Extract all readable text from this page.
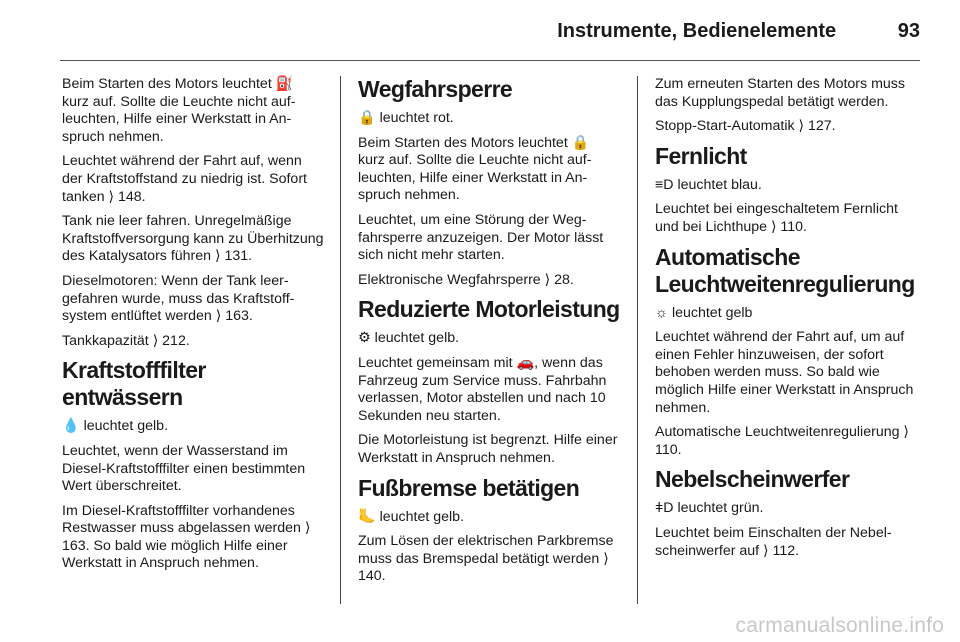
Instrumente, Bedienelemente	93

Beim Starten des Motors leuchtet ⛽ kurz auf. Sollte die Leuchte nicht aufleuchten, Hilfe einer Werkstatt in Anspruch nehmen.

Leuchtet während der Fahrt auf, wenn der Kraftstoffstand zu niedrig ist. Sofort tanken ⟩ 148.

Tank nie leer fahren. Unregelmäßige Kraftstoffversorgung kann zu Überhitzung des Katalysators führen ⟩ 131.

Dieselmotoren: Wenn der Tank leergefahren wurde, muss das Kraftstoffsystem entlüftet werden ⟩ 163.

Tankkapazität ⟩ 212.

Kraftstofffilter entwässern

💧 leuchtet gelb.

Leuchtet, wenn der Wasserstand im Diesel-Kraftstofffilter einen bestimmten Wert überschreitet.

Im Diesel-Kraftstofffilter vorhandenes Restwasser muss abgelassen werden ⟩ 163. So bald wie möglich Hilfe einer Werkstatt in Anspruch nehmen.

Wegfahrsperre

🔒 leuchtet rot.

Beim Starten des Motors leuchtet 🔒 kurz auf. Sollte die Leuchte nicht aufleuchten, Hilfe einer Werkstatt in Anspruch nehmen.

Leuchtet, um eine Störung der Wegfahrsperre anzuzeigen. Der Motor lässt sich nicht mehr starten.

Elektronische Wegfahrsperre ⟩ 28.

Reduzierte Motorleistung

⚙ leuchtet gelb.

Leuchtet gemeinsam mit 🚗, wenn das Fahrzeug zum Service muss. Fahrbahn verlassen, Motor abstellen und nach 10 Sekunden neu starten.

Die Motorleistung ist begrenzt. Hilfe einer Werkstatt in Anspruch nehmen.

Fußbremse betätigen

🦶 leuchtet gelb.

Zum Lösen der elektrischen Parkbremse muss das Bremspedal betätigt werden ⟩ 140.

Zum erneuten Starten des Motors muss das Kupplungspedal betätigt werden.

Stopp-Start-Automatik ⟩ 127.

Fernlicht

≡D leuchtet blau.

Leuchtet bei eingeschaltetem Fernlicht und bei Lichthupe ⟩ 110.

Automatische Leuchtweitenregulierung

☼ leuchtet gelb

Leuchtet während der Fahrt auf, um auf einen Fehler hinzuweisen, der sofort behoben werden muss. So bald wie möglich Hilfe einer Werkstatt in Anspruch nehmen.

Automatische Leuchtweitenregulierung ⟩ 110.

Nebelscheinwerfer

ǂD leuchtet grün.

Leuchtet beim Einschalten der Nebelscheinwerfer auf ⟩ 112.

carmanualsonline.info
